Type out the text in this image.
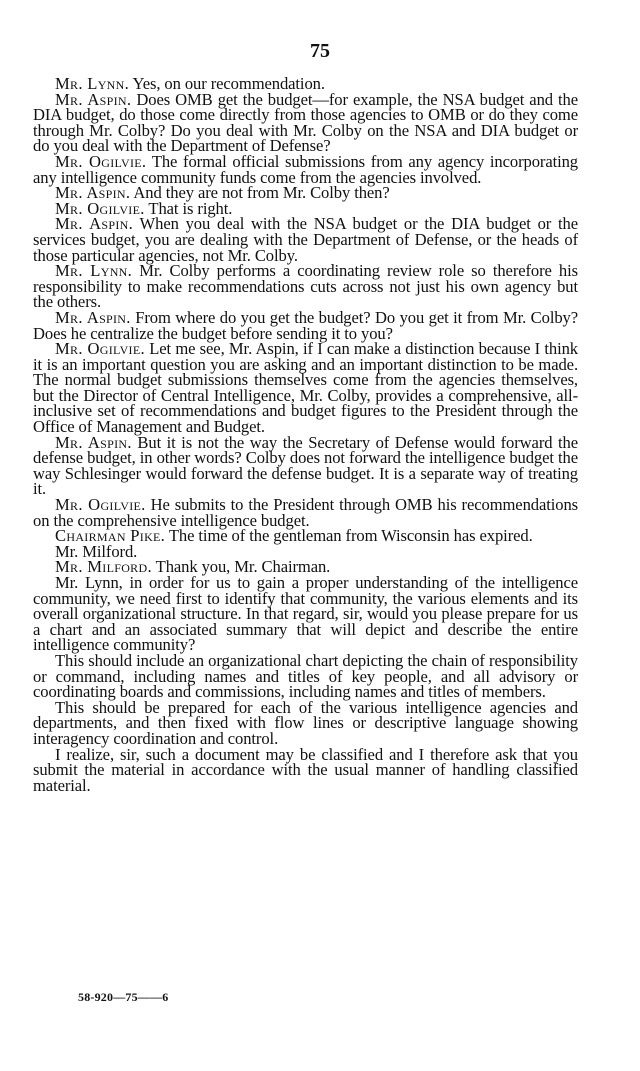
75

Mr. Lynn. Yes, on our recommendation.

Mr. Aspin. Does OMB get the budget—for example, the NSA budget and the DIA budget, do those come directly from those agencies to OMB or do they come through Mr. Colby? Do you deal with Mr. Colby on the NSA and DIA budget or do you deal with the Department of Defense?

Mr. Ogilvie. The formal official submissions from any agency incorporating any intelligence community funds come from the agencies involved.

Mr. Aspin. And they are not from Mr. Colby then?

Mr. Ogilvie. That is right.

Mr. Aspin. When you deal with the NSA budget or the DIA budget or the services budget, you are dealing with the Department of Defense, or the heads of those particular agencies, not Mr. Colby.

Mr. Lynn. Mr. Colby performs a coordinating review role so therefore his responsibility to make recommendations cuts across not just his own agency but the others.

Mr. Aspin. From where do you get the budget? Do you get it from Mr. Colby? Does he centralize the budget before sending it to you?

Mr. Ogilvie. Let me see, Mr. Aspin, if I can make a distinction because I think it is an important question you are asking and an important distinction to be made. The normal budget submissions themselves come from the agencies themselves, but the Director of Central Intelligence, Mr. Colby, provides a comprehensive, all-inclusive set of recommendations and budget figures to the President through the Office of Management and Budget.

Mr. Aspin. But it is not the way the Secretary of Defense would forward the defense budget, in other words? Colby does not forward the intelligence budget the way Schlesinger would forward the defense budget. It is a separate way of treating it.

Mr. Ogilvie. He submits to the President through OMB his recommendations on the comprehensive intelligence budget.

Chairman Pike. The time of the gentleman from Wisconsin has expired.

Mr. Milford.

Mr. Milford. Thank you, Mr. Chairman.

Mr. Lynn, in order for us to gain a proper understanding of the intelligence community, we need first to identify that community, the various elements and its overall organizational structure. In that regard, sir, would you please prepare for us a chart and an associated summary that will depict and describe the entire intelligence community?

This should include an organizational chart depicting the chain of responsibility or command, including names and titles of key people, and all advisory or coordinating boards and commissions, including names and titles of members.

This should be prepared for each of the various intelligence agencies and departments, and then fixed with flow lines or descriptive language showing interagency coordination and control.

I realize, sir, such a document may be classified and I therefore ask that you submit the material in accordance with the usual manner of handling classified material.

58-920—75——6
